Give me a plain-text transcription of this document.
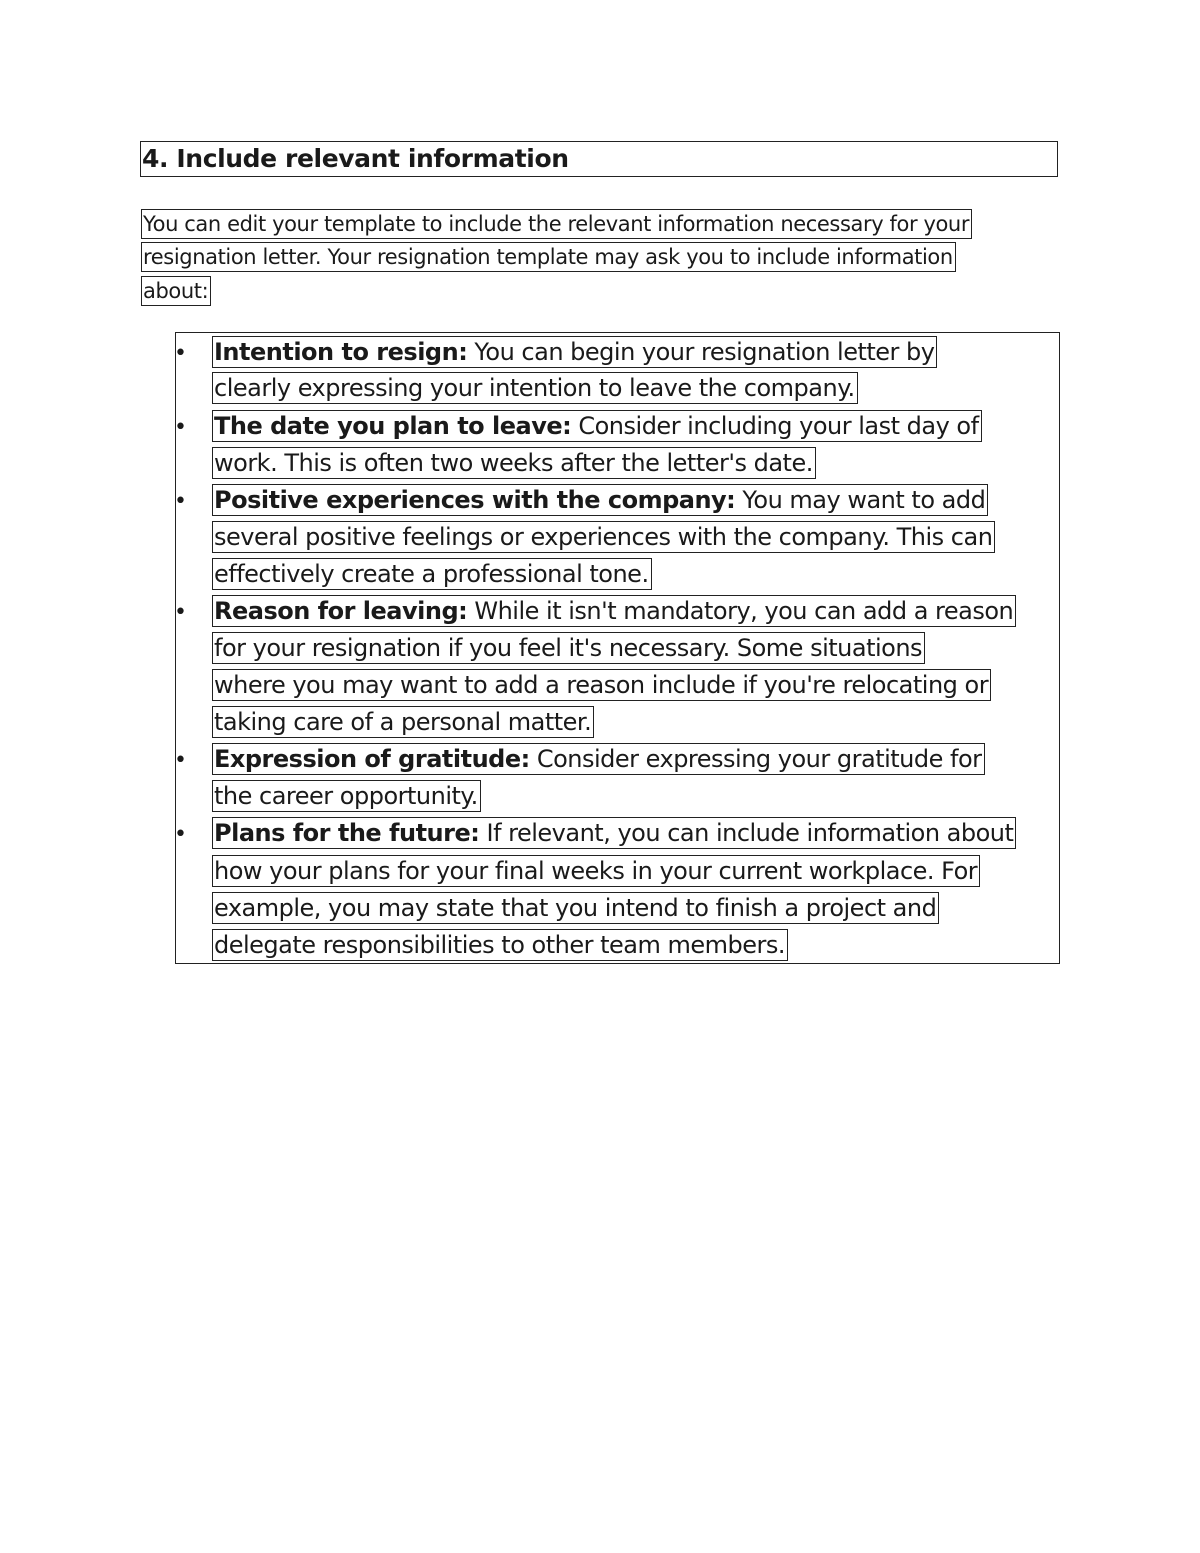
4. Include relevant information
You can edit your template to include the relevant information necessary for your
resignation letter. Your resignation template may ask you to include information
about:
• Intention to resign: You can begin your resignation letter by
clearly expressing your intention to leave the company.
• The date you plan to leave: Consider including your last day of
work. This is often two weeks after the letter's date.
• Positive experiences with the company: You may want to add
several positive feelings or experiences with the company. This can
effectively create a professional tone.
• Reason for leaving: While it isn't mandatory, you can add a reason
for your resignation if you feel it's necessary. Some situations
where you may want to add a reason include if you're relocating or
taking care of a personal matter.
• Expression of gratitude: Consider expressing your gratitude for
the career opportunity.
• Plans for the future: If relevant, you can include information about
how your plans for your final weeks in your current workplace. For
example, you may state that you intend to finish a project and
delegate responsibilities to other team members.
